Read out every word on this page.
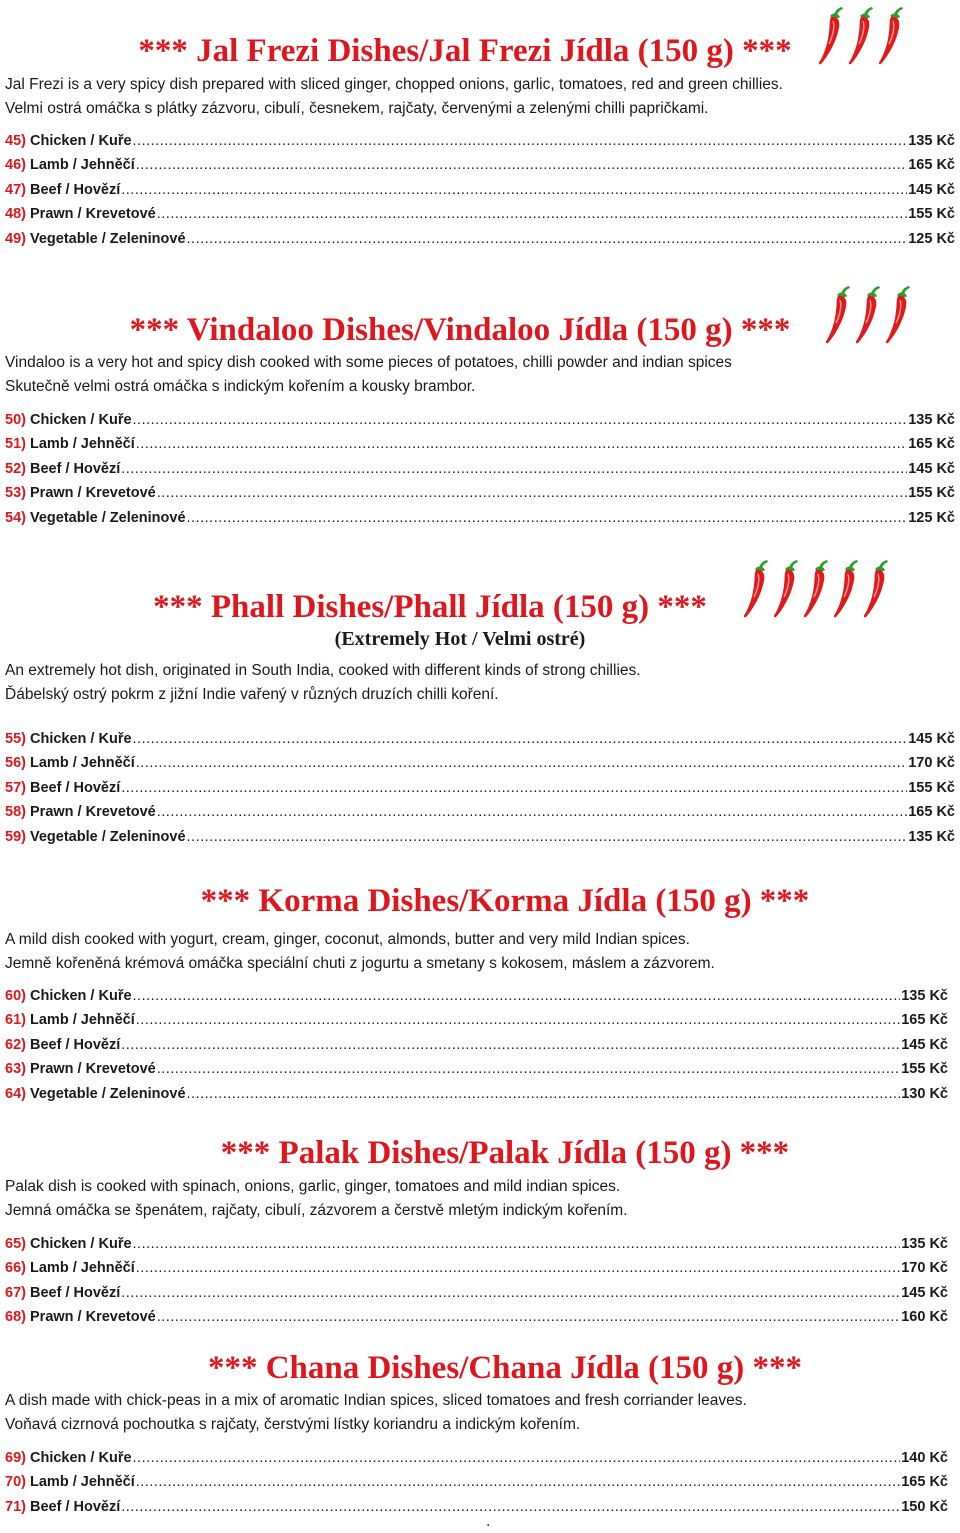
*** Jal Frezi Dishes/Jal Frezi Jídla (150 g) ***

Jal Frezi is a very spicy dish prepared with sliced ginger, chopped onions, garlic, tomatoes, red and green chillies.

Velmi ostrá omáčka s plátky zázvoru, cibulí, česnekem, rajčaty, červenými a zelenými chilli papričkami.

45) Chicken / Kuře .....	135 Kč
46) Lamb / Jehněčí .....	165 Kč
47) Beef / Hovězí .....	145 Kč
48) Prawn / Krevetové .....	155 Kč
49) Vegetable / Zeleninové .....	125 Kč
*** Vindaloo Dishes/Vindaloo Jídla (150 g) ***

Vindaloo is a very hot and spicy dish cooked with some pieces of potatoes, chilli powder and indian spices

Skutečně velmi ostrá omáčka s indickým kořením a kousky brambor.

50) Chicken / Kuře .....	135 Kč
51) Lamb / Jehněčí .....	165 Kč
52) Beef / Hovězí .....	145 Kč
53) Prawn / Krevetové .....	155 Kč
54) Vegetable / Zeleninové .....	125 Kč
*** Phall Dishes/Phall Jídla (150 g) ***

(Extremely Hot / Velmi ostré)

An extremely hot dish, originated in South India, cooked with different kinds of strong chillies.

Ďábelský ostrý pokrm z jižní Indie vařený v různých druzích chilli koření.

55) Chicken / Kuře .....	145 Kč
56) Lamb / Jehněčí .....	170 Kč
57) Beef / Hovězí .....	155 Kč
58) Prawn / Krevetové .....	165 Kč
59) Vegetable / Zeleninové .....	135 Kč
*** Korma Dishes/Korma Jídla (150 g) ***

A mild dish cooked with yogurt, cream, ginger, coconut, almonds, butter and very mild Indian spices.

Jemně kořeněná krémová omáčka speciální chuti z jogurtu a smetany s kokosem, máslem a zázvorem.

60) Chicken / Kuře .....	135 Kč
61) Lamb / Jehněčí .....	165 Kč
62) Beef / Hovězí .....	145 Kč
63) Prawn / Krevetové .....	155 Kč
64) Vegetable / Zeleninové .....	130 Kč
*** Palak Dishes/Palak Jídla (150 g) ***

Palak dish is cooked with spinach, onions, garlic, ginger, tomatoes and mild indian spices.

Jemná omáčka se špenátem, rajčaty, cibulí, zázvorem a čerstvě mletým indickým kořením.

65) Chicken / Kuře .....	135 Kč
66) Lamb / Jehněčí .....	170 Kč
67) Beef / Hovězí .....	145 Kč
68) Prawn / Krevetové .....	160 Kč
*** Chana Dishes/Chana Jídla (150 g) ***

A dish made with chick-peas in a mix of aromatic Indian spices, sliced tomatoes and fresh corriander leaves.

Voňavá cizrnová pochoutka s rajčaty, čerstvými lístky koriandru a indickým kořením.

69) Chicken / Kuře .....	140 Kč
70) Lamb / Jehněčí .....	165 Kč
71) Beef / Hovězí .....	150 Kč
.
